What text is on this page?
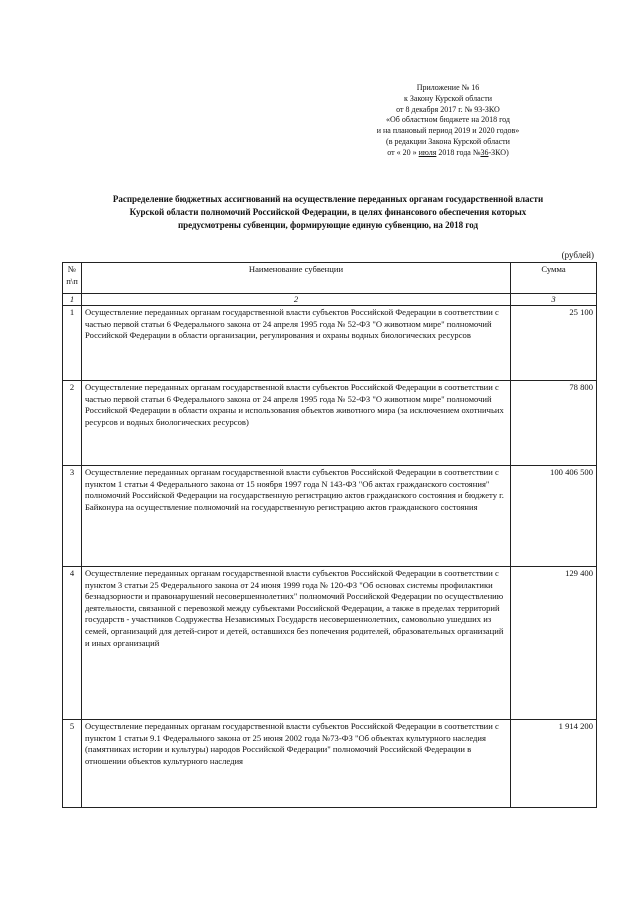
Приложение № 16
к Закону Курской области
от 8 декабря 2017 г. № 93-ЗКО
«Об областном бюджете на 2018 год
и на плановый период 2019 и 2020 годов»
(в редакции Закона Курской области
от « 20 » июля 2018 года №36-ЗКО)
Распределение бюджетных ассигнований на осуществление переданных органам государственной власти
Курской области полномочий Российской Федерации, в целях финансового обеспечения которых
предусмотрены субвенции, формирующие единую субвенцию, на 2018 год
(рублей)
№ п\п	Наименование субвенции	Сумма
1	2	3
1	Осуществление переданных органам государственной власти субъектов Российской Федерации в соответствии с частью первой статьи 6 Федерального закона от 24 апреля 1995 года № 52-ФЗ "О животном мире" полномочий Российской Федерации в области организации, регулирования и охраны водных биологических ресурсов	25 100
2	Осуществление переданных органам государственной власти субъектов Российской Федерации в соответствии с частью первой статьи 6 Федерального закона от 24 апреля 1995 года № 52-ФЗ "О животном мире" полномочий Российской Федерации в области охраны и использования объектов животного мира (за исключением охотничьих ресурсов и водных биологических ресурсов)	78 800
3	Осуществление переданных органам государственной власти субъектов Российской Федерации в соответствии с пунктом 1 статьи 4 Федерального закона от 15 ноября 1997 года N 143-ФЗ "Об актах гражданского состояния" полномочий Российской Федерации на государственную регистрацию актов гражданского состояния и бюджету г. Байконура на осуществление полномочий на государственную регистрацию актов гражданского состояния	100 406 500
4	Осуществление переданных органам государственной власти субъектов Российской Федерации в соответствии с пунктом 3 статьи 25 Федерального закона от 24 июня 1999 года № 120-ФЗ "Об основах системы профилактики безнадзорности и правонарушений несовершеннолетних" полномочий Российской Федерации по осуществлению деятельности, связанной с перевозкой между субъектами Российской Федерации, а также в пределах территорий государств - участников Содружества Независимых Государств несовершеннолетних, самовольно ушедших из семей, организаций для детей-сирот и детей, оставшихся без попечения родителей, образовательных организаций и иных организаций	129 400
5	Осуществление переданных органам государственной власти субъектов Российской Федерации в соответствии с пунктом 1 статьи 9.1 Федерального закона от 25 июня 2002 года №73-ФЗ "Об объектах культурного наследия (памятниках истории и культуры) народов Российской Федерации" полномочий Российской Федерации в отношении объектов культурного наследия	1 914 200
